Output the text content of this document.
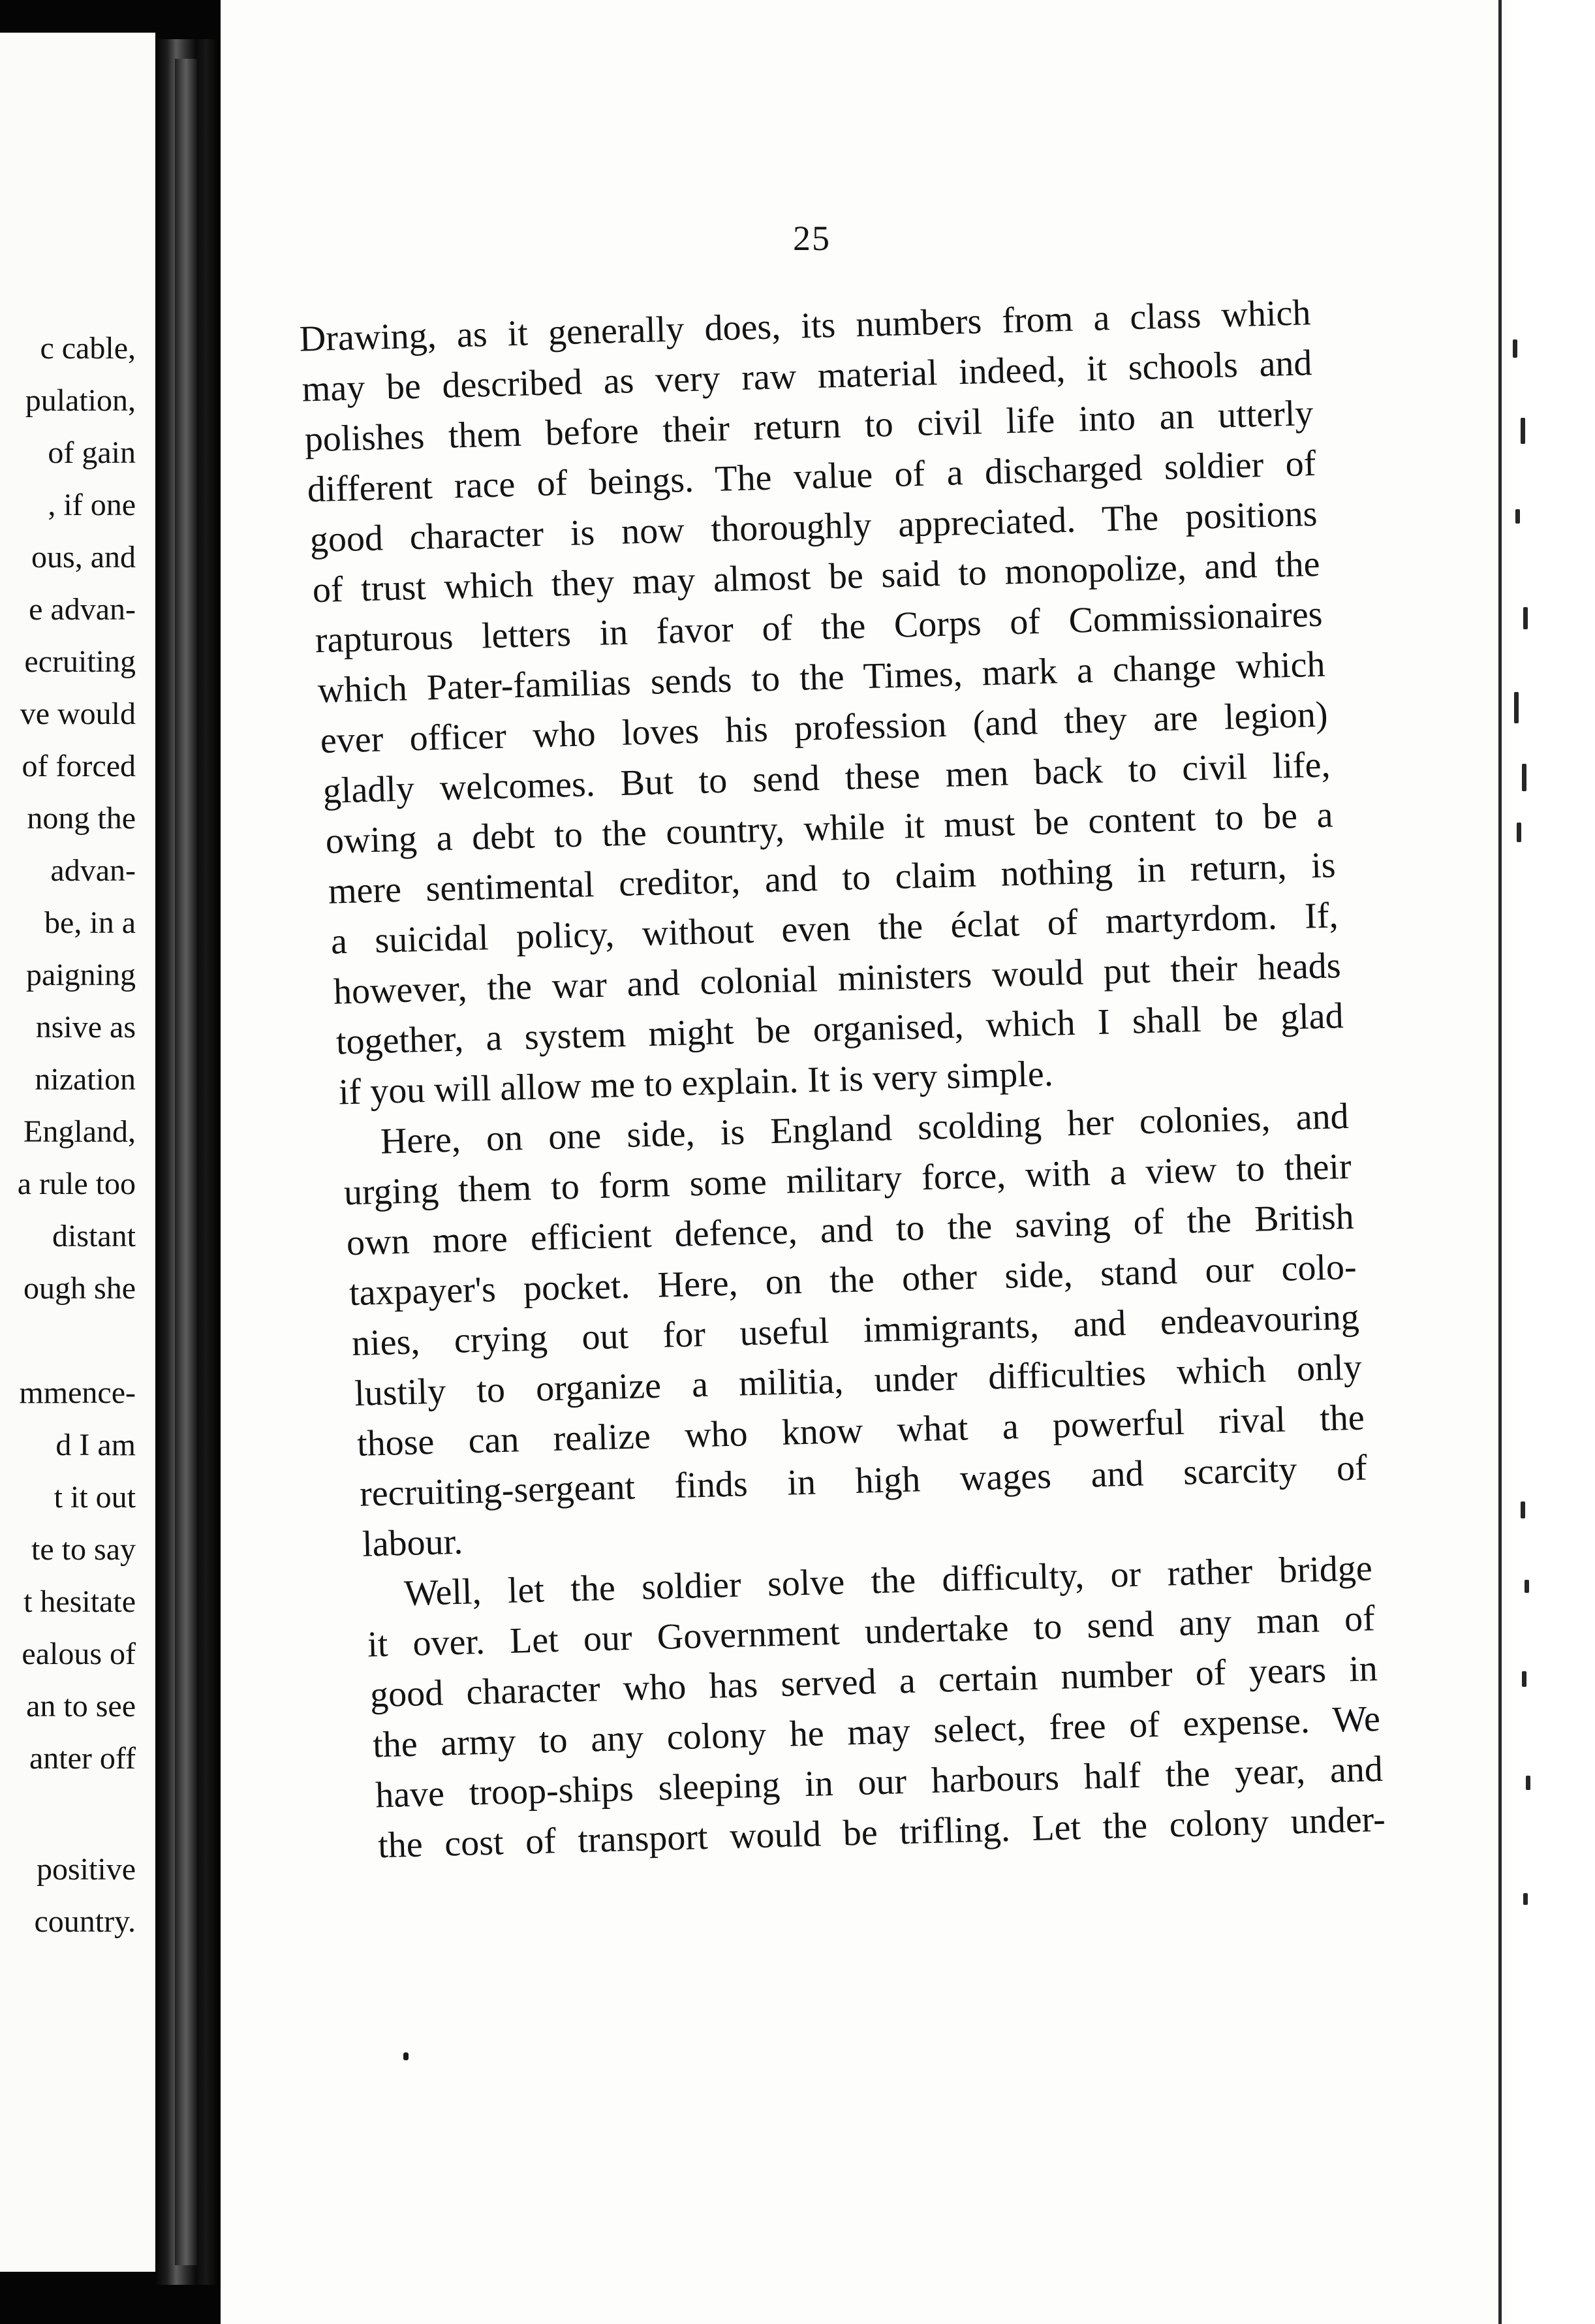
c cable,
pulation,
of gain
, if one
ous, and
e advan-
ecruiting
ve would
of forced
nong the
advan-
be, in a
paigning
nsive as
nization
England,
a rule too
distant
ough she
mmence-
d I am
t it out
te to say
t hesitate
ealous of
an to see
anter off
positive
country.
25
Drawing, as it generally does, its numbers from a class which
may be described as very raw material indeed, it schools and
polishes them before their return to civil life into an utterly
different race of beings. The value of a discharged soldier of
good character is now thoroughly appreciated. The positions
of trust which they may almost be said to monopolize, and the
rapturous letters in favor of the Corps of Commissionaires
which Pater-familias sends to the Times, mark a change which
ever officer who loves his profession (and they are legion)
gladly welcomes. But to send these men back to civil life,
owing a debt to the country, while it must be content to be a
mere sentimental creditor, and to claim nothing in return, is
a suicidal policy, without even the éclat of martyrdom. If,
however, the war and colonial ministers would put their heads
together, a system might be organised, which I shall be glad
if you will allow me to explain. It is very simple.
Here, on one side, is England scolding her colonies, and
urging them to form some military force, with a view to their
own more efficient defence, and to the saving of the British
taxpayer's pocket. Here, on the other side, stand our colo-
nies, crying out for useful immigrants, and endeavouring
lustily to organize a militia, under difficulties which only
those can realize who know what a powerful rival the
recruiting-sergeant finds in high wages and scarcity of
labour.
Well, let the soldier solve the difficulty, or rather bridge
it over. Let our Government undertake to send any man of
good character who has served a certain number of years in
the army to any colony he may select, free of expense. We
have troop-ships sleeping in our harbours half the year, and
the cost of transport would be trifling. Let the colony under-
